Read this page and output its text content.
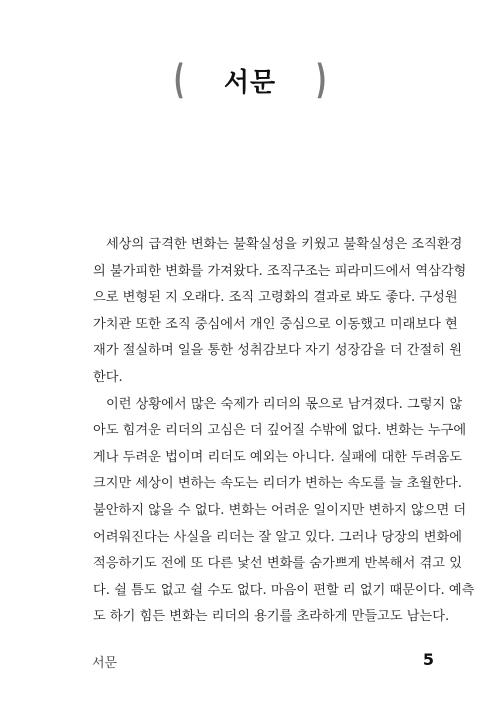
( 서문 )
세상의 급격한 변화는 불확실성을 키웠고 불확실성은 조직환경
의 불가피한 변화를 가져왔다. 조직구조는 피라미드에서 역삼각형
으로 변형된 지 오래다. 조직 고령화의 결과로 봐도 좋다. 구성원
가치관 또한 조직 중심에서 개인 중심으로 이동했고 미래보다 현
재가 절실하며 일을 통한 성취감보다 자기 성장감을 더 간절히 원
한다.
이런 상황에서 많은 숙제가 리더의 몫으로 남겨졌다. 그렇지 않
아도 힘겨운 리더의 고심은 더 깊어질 수밖에 없다. 변화는 누구에
게나 두려운 법이며 리더도 예외는 아니다. 실패에 대한 두려움도
크지만 세상이 변하는 속도는 리더가 변하는 속도를 늘 초월한다.
불안하지 않을 수 없다. 변화는 어려운 일이지만 변하지 않으면 더
어려워진다는 사실을 리더는 잘 알고 있다. 그러나 당장의 변화에
적응하기도 전에 또 다른 낯선 변화를 숨가쁘게 반복해서 겪고 있
다. 쉴 틈도 없고 쉴 수도 없다. 마음이 편할 리 없기 때문이다. 예측
도 하기 힘든 변화는 리더의 용기를 초라하게 만들고도 남는다.
서문	5
